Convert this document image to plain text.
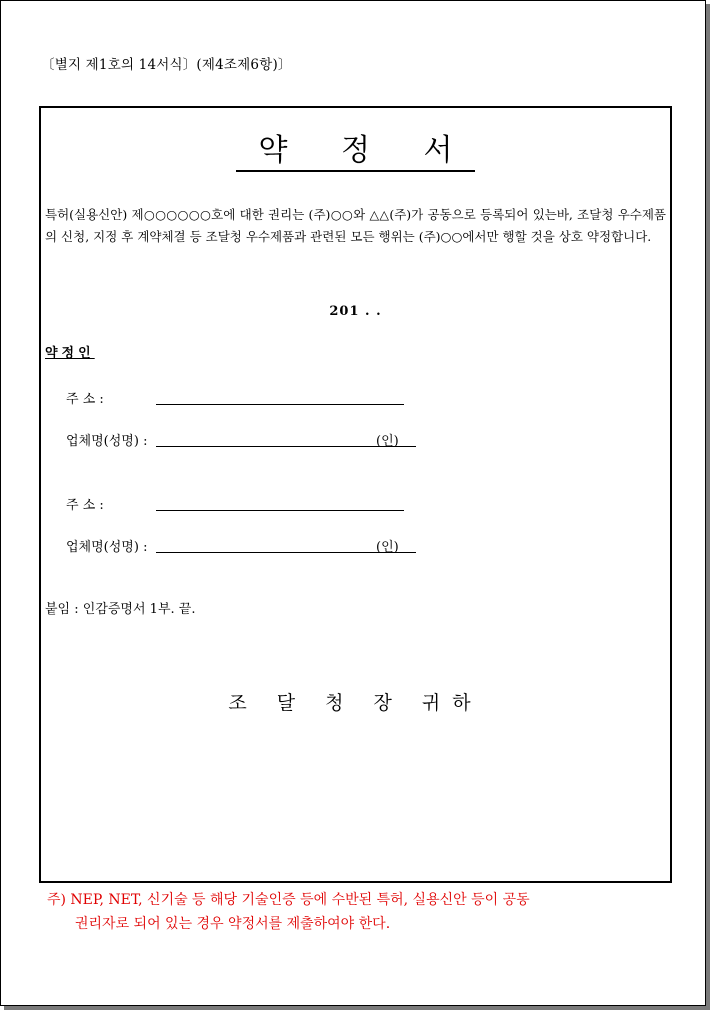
〔별지 제1호의 14서식〕(제4조제6항)〕
약 정 서
특허(실용신안) 제○○○○○○호에 대한 권리는 (주)○○와 △△(주)가 공동으로 등록되어 있는바, 조달청 우수제품의 신청, 지정 후 계약체결 등 조달청 우수제품과 관련된 모든 행위는 (주)○○에서만 행할 것을 상호 약정합니다.
201 . .
약정인
주 소 :
업체명(성명) :	(인)
주 소 :
업체명(성명) :	(인)
붙임 : 인감증명서 1부. 끝.
조 달 청 장 귀하
주) NEP, NET, 신기술 등 해당 기술인증 등에 수반된 특허, 실용신안 등이 공동
권리자로 되어 있는 경우 약정서를 제출하여야 한다.
